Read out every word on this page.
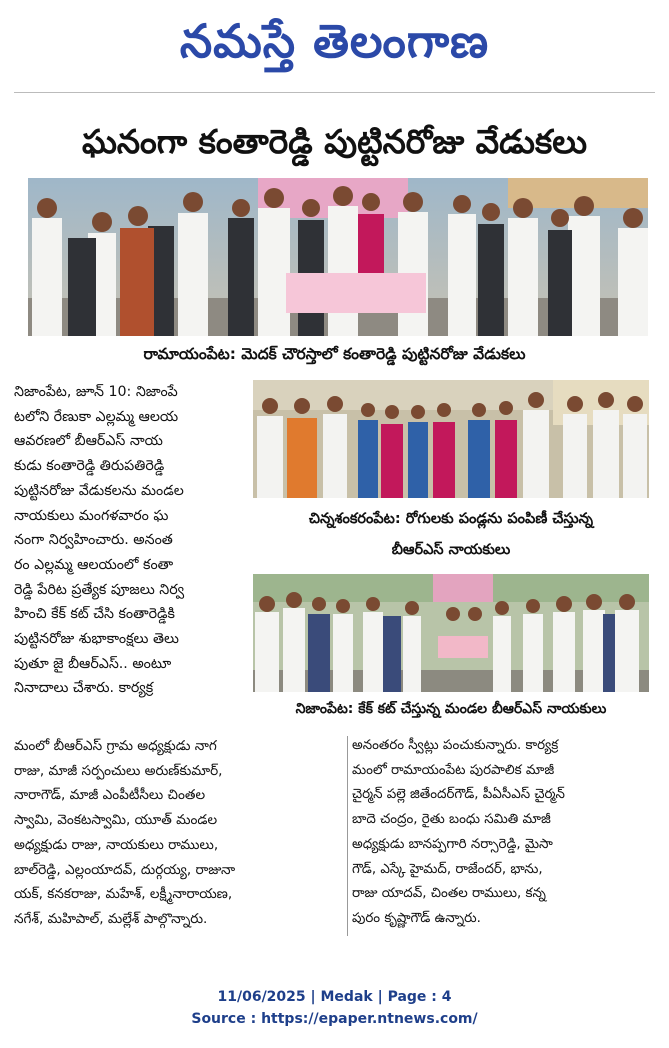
నమస్తే తెలంగాణ
ఘనంగా కంతారెడ్డి పుట్టినరోజు వేడుకలు
రామాయంపేట: మెదక్ చౌరస్తాలో కంతారెడ్డి పుట్టినరోజు వేడుకలు
చిన్నశంకరంపేట: రోగులకు పండ్లను పంపిణీ చేస్తున్న
బీఆర్ఎస్ నాయకులు
నిజాంపేట: కేక్ కట్ చేస్తున్న మండల బీఆర్ఎస్ నాయకులు
నిజాంపేట, జూన్ 10: నిజాంపే
టలోని రేణుకా ఎల్లమ్మ ఆలయ
ఆవరణలో బీఆర్ఎస్ నాయ
కుడు కంతారెడ్డి తిరుపతిరెడ్డి
పుట్టినరోజు వేడుకలను మండల
నాయకులు మంగళవారం ఘ
నంగా నిర్వహించారు. అనంత
రం ఎల్లమ్మ ఆలయంలో కంతా
రెడ్డి పేరిట ప్రత్యేక పూజలు నిర్వ
హించి కేక్ కట్ చేసి కంతారెడ్డికి
పుట్టినరోజు శుభాకాంక్షలు తెలు
పుతూ జై బీఆర్ఎస్.. అంటూ
నినాదాలు చేశారు. కార్యక్ర
మంలో బీఆర్ఎస్ గ్రామ అధ్యక్షుడు నాగ
రాజు, మాజీ సర్పంచులు అరుణ్‌కుమార్,
నారాగౌడ్, మాజీ ఎంపీటీసీలు చింతల
స్వామి, వెంకటస్వామి, యూత్ మండల
అధ్యక్షుడు రాజు, నాయకులు రాములు,
బాల్‌రెడ్డి, ఎల్లంయాదవ్, దుర్గయ్య, రాజునా
యక్, కనకరాజు, మహేశ్, లక్ష్మీనారాయణ,
నగేశ్, మహిపాల్, మల్లేశ్ పాల్గొన్నారు.
అనంతరం స్వీట్లు పంచుకున్నారు. కార్యక్ర
మంలో రామాయంపేట పురపాలిక మాజీ
చైర్మన్ పల్లె జితేందర్‌గౌడ్, పీఏసీఎస్ చైర్మన్
బాదె చంద్రం, రైతు బంధు సమితి మాజీ
అధ్యక్షుడు బానప్పగారి నర్సారెడ్డి, మైసా
గౌడ్, ఎస్కే హైమద్, రాజేందర్, భాను,
రాజు యాదవ్, చింతల రాములు, కన్న
పురం కృష్ణాగౌడ్ ఉన్నారు.
11/06/2025 | Medak | Page : 4
Source : https://epaper.ntnews.com/
